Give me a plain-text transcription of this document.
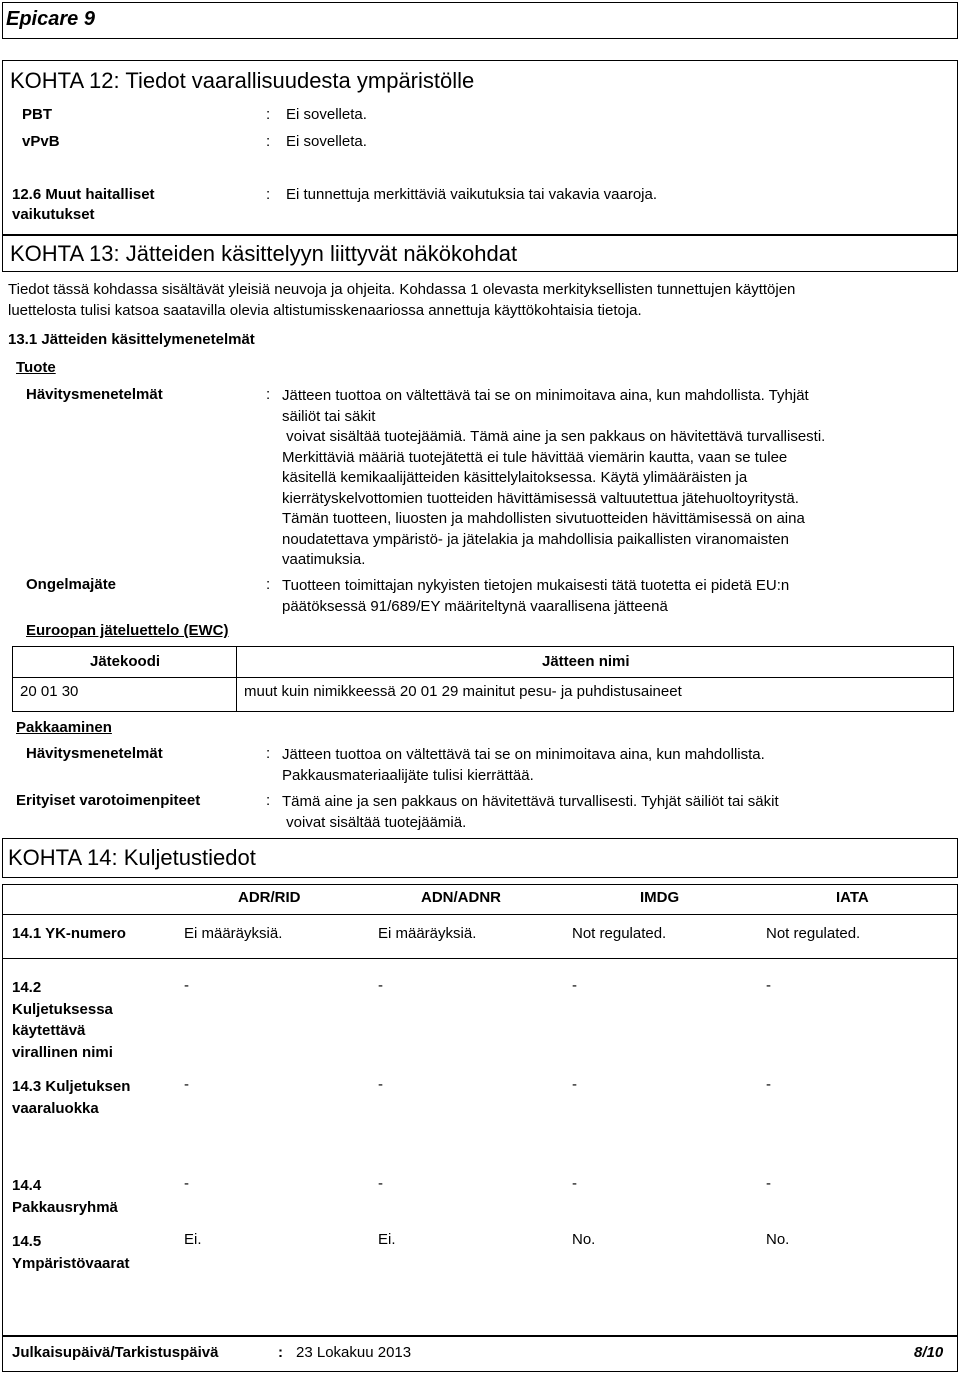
Epicare 9
KOHTA 12: Tiedot vaarallisuudesta ympäristölle
PBT	: Ei sovelleta.
vPvB	: Ei sovelleta.
12.6 Muut haitalliset
vaikutukset
: Ei tunnettuja merkittäviä vaikutuksia tai vakavia vaaroja.
KOHTA 13: Jätteiden käsittelyyn liittyvät näkökohdat
Tiedot tässä kohdassa sisältävät yleisiä neuvoja ja ohjeita. Kohdassa 1 olevasta merkityksellisten tunnettujen käyttöjen
luettelosta tulisi katsoa saatavilla olevia altistumisskenaariossa annettuja käyttökohtaisia tietoja.
13.1 Jätteiden käsittelymenetelmät
Tuote
Hävitysmenetelmät	: Jätteen tuottoa on vältettävä tai se on minimoitava aina, kun mahdollista. Tyhjät
säiliöt tai säkit
voivat sisältää tuotejäämiä. Tämä aine ja sen pakkaus on hävitettävä turvallisesti.
Merkittäviä määriä tuotejätettä ei tule hävittää viemärin kautta, vaan se tulee
käsitellä kemikaalijätteiden käsittelylaitoksessa. Käytä ylimääräisten ja
kierrätyskelvottomien tuotteiden hävittämisessä valtuutettua jätehuoltoyritystä.
Tämän tuotteen, liuosten ja mahdollisten sivutuotteiden hävittämisessä on aina
noudatettava ympäristö- ja jätelakia ja mahdollisia paikallisten viranomaisten
vaatimuksia.
Ongelmajäte	: Tuotteen toimittajan nykyisten tietojen mukaisesti tätä tuotetta ei pidetä EU:n
päätöksessä 91/689/EY määriteltynä vaarallisena jätteenä
Euroopan jäteluettelo (EWC)
Jätekoodi	Jätteen nimi
20 01 30	muut kuin nimikkeessä 20 01 29 mainitut pesu- ja puhdistusaineet
Pakkaaminen
Hävitysmenetelmät	: Jätteen tuottoa on vältettävä tai se on minimoitava aina, kun mahdollista.
Pakkausmateriaalijäte tulisi kierrättää.
Erityiset varotoimenpiteet	: Tämä aine ja sen pakkaus on hävitettävä turvallisesti. Tyhjät säiliöt tai säkit
voivat sisältää tuotejäämiä.
KOHTA 14: Kuljetustiedot
ADR/RID	ADN/ADNR	IMDG	IATA
14.1 YK-numero	Ei määräyksiä.	Ei määräyksiä.	Not regulated.	Not regulated.
14.2
Kuljetuksessa
käytettävä
virallinen nimi
-	-	-	-
14.3 Kuljetuksen
vaaraluokka
-	-	-	-
14.4
Pakkausryhmä
-	-	-	-
14.5
Ympäristövaarat
Ei.	Ei.	No.	No.
Julkaisupäivä/Tarkistuspäivä	: 23 Lokakuu 2013	8/10
